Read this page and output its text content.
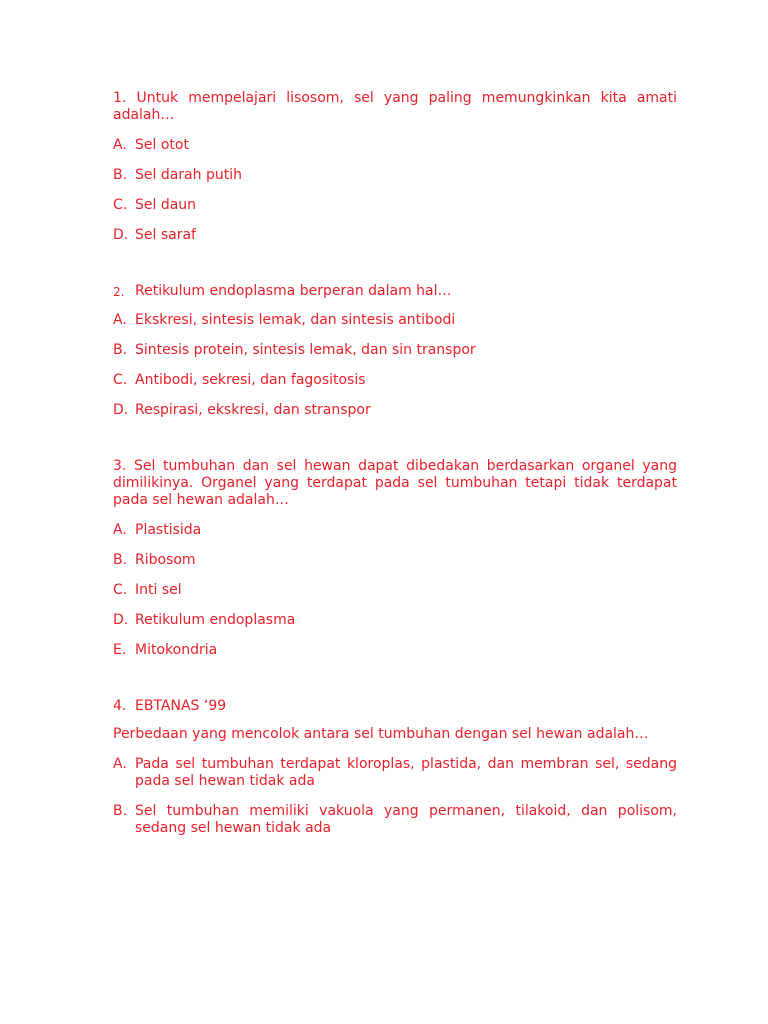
1. Untuk mempelajari lisosom, sel yang paling memungkinkan kita amati adalah…
A. Sel otot
B. Sel darah putih
C. Sel daun
D. Sel saraf
2. Retikulum endoplasma berperan dalam hal…
A. Ekskresi, sintesis lemak, dan sintesis antibodi
B. Sintesis protein, sintesis lemak, dan sin transpor
C. Antibodi, sekresi, dan fagositosis
D. Respirasi, ekskresi, dan stranspor
3. Sel tumbuhan dan sel hewan dapat dibedakan berdasarkan organel yang dimilikinya. Organel yang terdapat pada sel tumbuhan tetapi tidak terdapat pada sel hewan adalah…
A. Plastisida
B. Ribosom
C. Inti sel
D. Retikulum endoplasma
E. Mitokondria
4. EBTANAS ‘99
Perbedaan yang mencolok antara sel tumbuhan dengan sel hewan adalah…
A. Pada sel tumbuhan terdapat kloroplas, plastida, dan membran sel, sedang pada sel hewan tidak ada
B. Sel tumbuhan memiliki vakuola yang permanen, tilakoid, dan polisom, sedang sel hewan tidak ada
